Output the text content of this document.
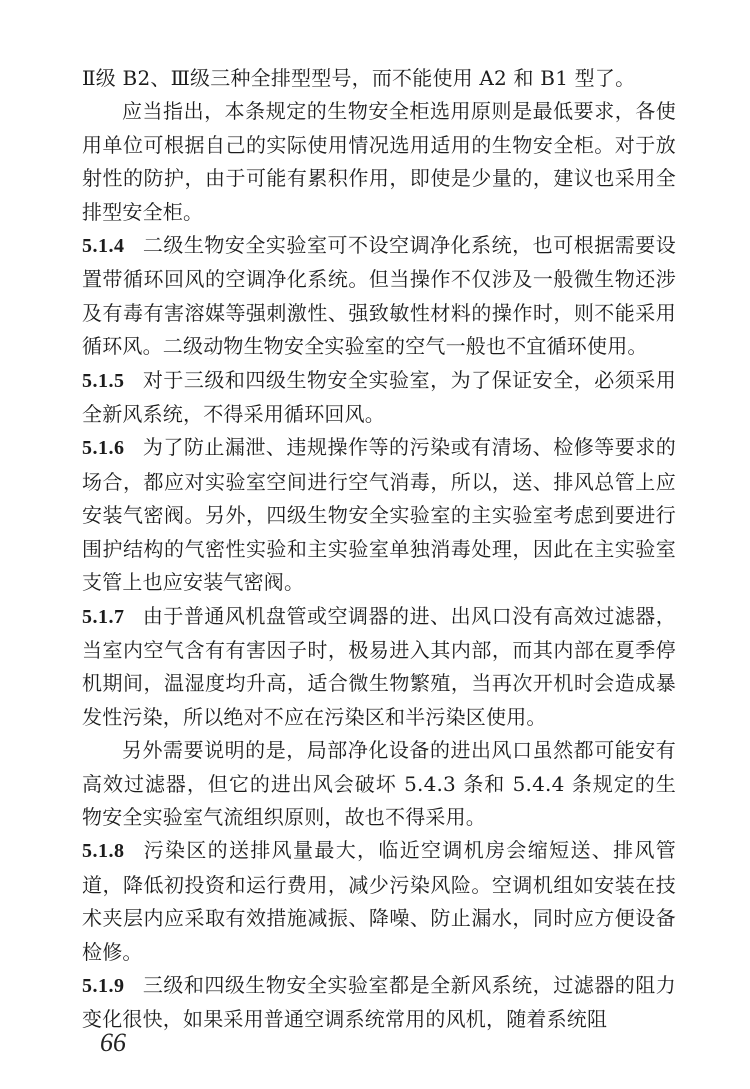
Ⅱ级 B2、Ⅲ级三种全排型型号，而不能使用 A2 和 B1 型了。

应当指出，本条规定的生物安全柜选用原则是最低要求，各使用单位可根据自己的实际使用情况选用适用的生物安全柜。对于放射性的防护，由于可能有累积作用，即使是少量的，建议也采用全排型安全柜。

5.1.4 二级生物安全实验室可不设空调净化系统，也可根据需要设置带循环回风的空调净化系统。但当操作不仅涉及一般微生物还涉及有毒有害溶媒等强刺激性、强致敏性材料的操作时，则不能采用循环风。二级动物生物安全实验室的空气一般也不宜循环使用。

5.1.5 对于三级和四级生物安全实验室，为了保证安全，必须采用全新风系统，不得采用循环回风。

5.1.6 为了防止漏泄、违规操作等的污染或有清场、检修等要求的场合，都应对实验室空间进行空气消毒，所以，送、排风总管上应安装气密阀。另外，四级生物安全实验室的主实验室考虑到要进行围护结构的气密性实验和主实验室单独消毒处理，因此在主实验室支管上也应安装气密阀。

5.1.7 由于普通风机盘管或空调器的进、出风口没有高效过滤器，当室内空气含有有害因子时，极易进入其内部，而其内部在夏季停机期间，温湿度均升高，适合微生物繁殖，当再次开机时会造成暴发性污染，所以绝对不应在污染区和半污染区使用。

另外需要说明的是，局部净化设备的进出风口虽然都可能安有高效过滤器，但它的进出风会破坏 5.4.3 条和 5.4.4 条规定的生物安全实验室气流组织原则，故也不得采用。

5.1.8 污染区的送排风量最大，临近空调机房会缩短送、排风管道，降低初投资和运行费用，减少污染风险。空调机组如安装在技术夹层内应采取有效措施减振、降噪、防止漏水，同时应方便设备检修。

5.1.9 三级和四级生物安全实验室都是全新风系统，过滤器的阻力变化很快，如果采用普通空调系统常用的风机，随着系统阻

66
